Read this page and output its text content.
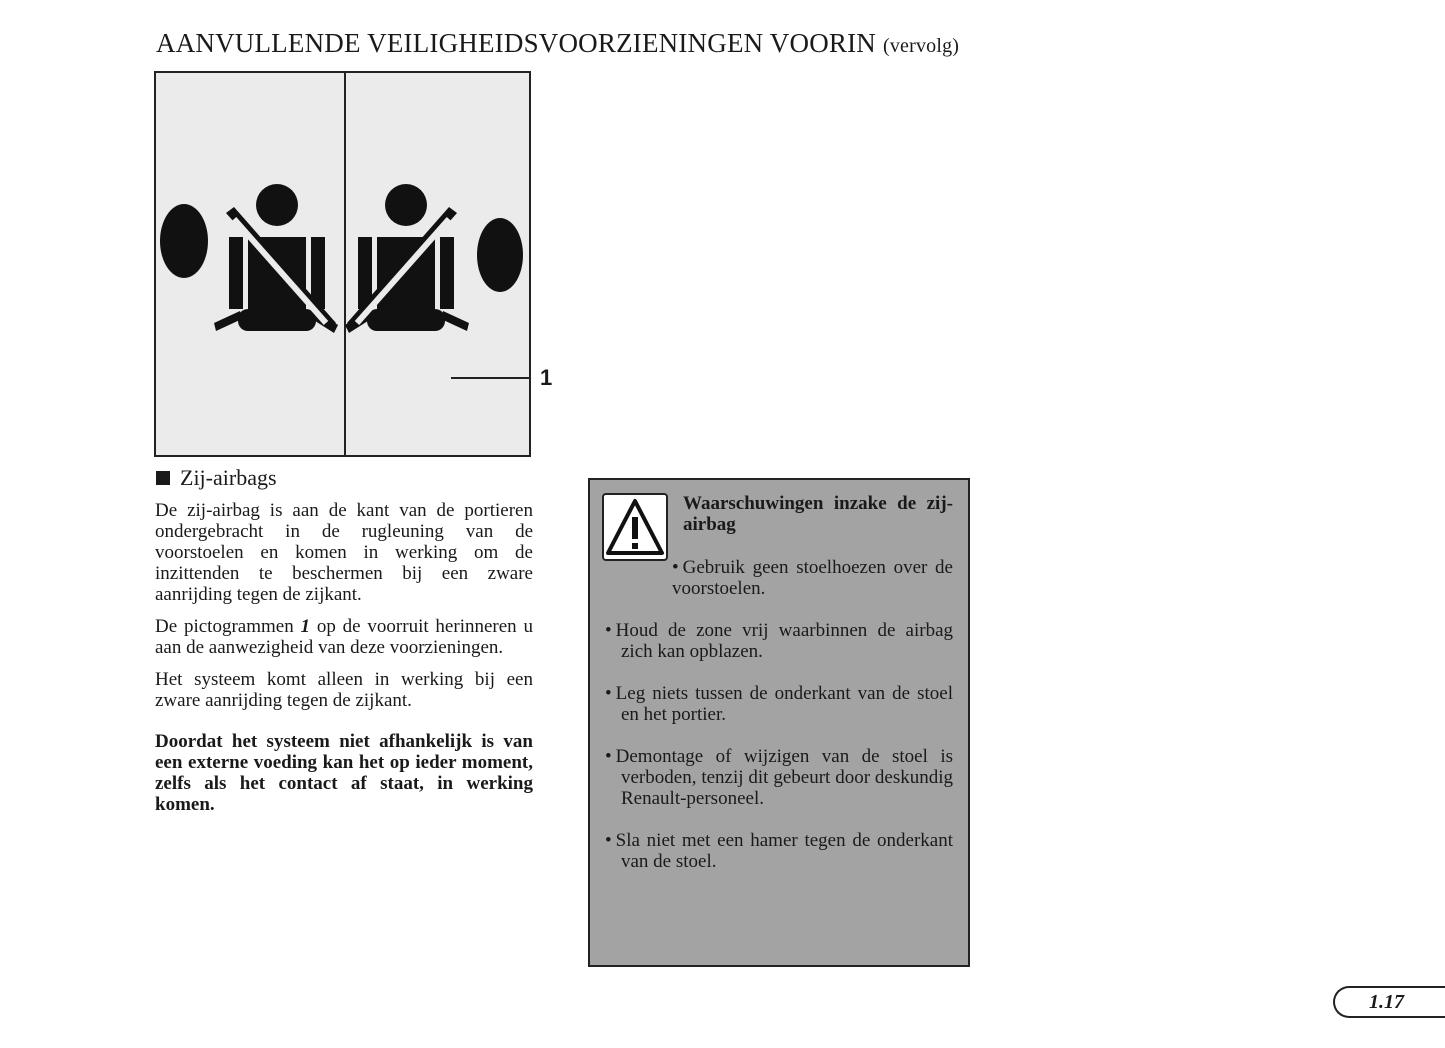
AANVULLENDE VEILIGHEIDSVOORZIENINGEN VOORIN (vervolg)
1
Zij-airbags

De zij-airbag is aan de kant van de portieren ondergebracht in de rugleuning van de voorstoelen en komen in werking om de inzittenden te beschermen bij een zware aanrijding tegen de zijkant.

De pictogrammen 1 op de voorruit herinneren u aan de aanwezigheid van deze voorzieningen.

Het systeem komt alleen in werking bij een zware aanrijding tegen de zijkant.

Doordat het systeem niet afhankelijk is van een externe voeding kan het op ieder moment, zelfs als het contact af staat, in werking komen.

Waarschuwingen inzake de zij-airbag
• Gebruik geen stoelhoezen over de voorstoelen.
• Houd de zone vrij waarbinnen de airbag zich kan opblazen.
• Leg niets tussen de onderkant van de stoel en het portier.
• Demontage of wijzigen van de stoel is verboden, tenzij dit gebeurt door deskundig Renault-personeel.
• Sla niet met een hamer tegen de onderkant van de stoel.
1.17
